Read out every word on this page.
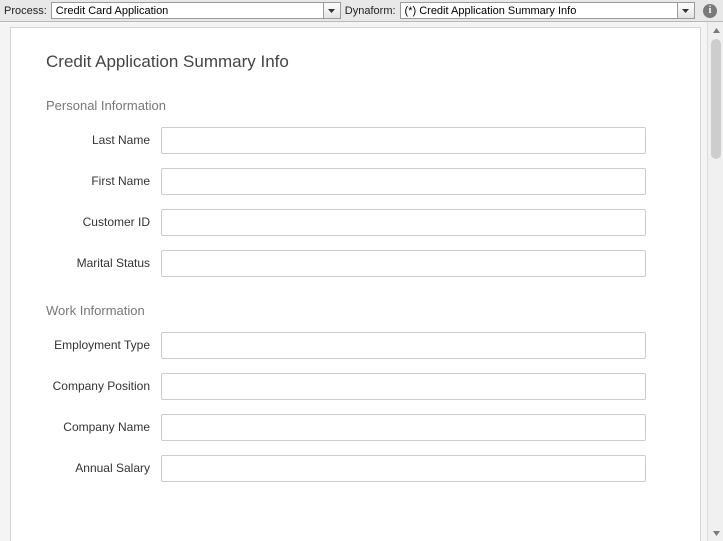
Process: Credit Card Application	Dynaform: (*) Credit Application Summary Info	i
Credit Application Summary Info
Personal Information
Last Name
First Name
Customer ID
Marital Status
Work Information
Employment Type
Company Position
Company Name
Annual Salary
